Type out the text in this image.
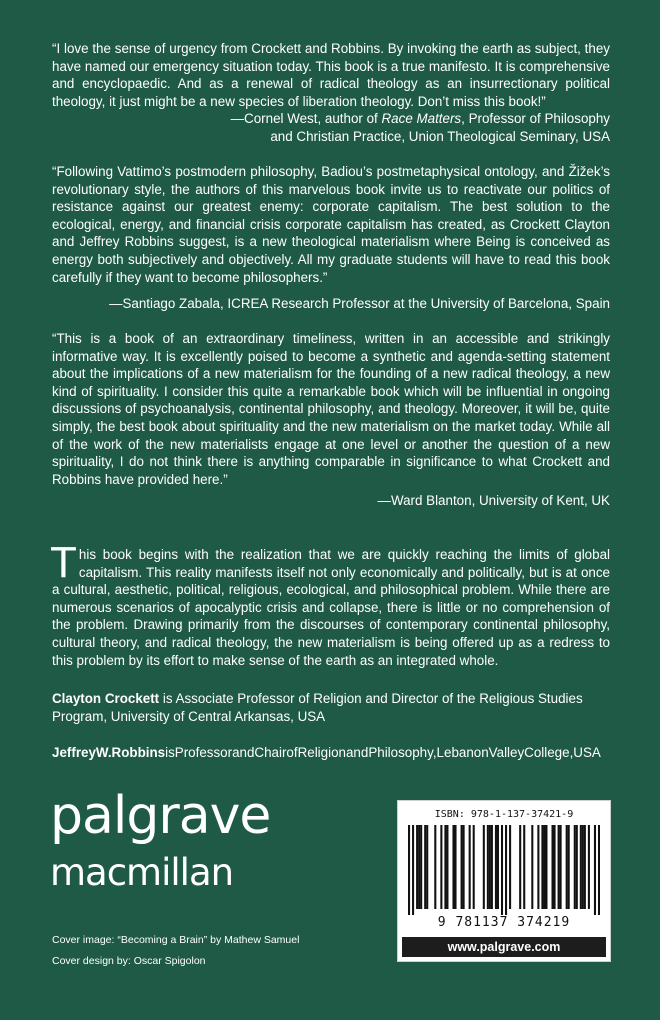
“I love the sense of urgency from Crockett and Robbins. By invoking the earth as subject, they have named our emergency situation today. This book is a true manifesto. It is comprehensive and encyclopaedic. And as a renewal of radical theology as an insurrectionary political theology, it just might be a new species of liberation theology. Don’t miss this book!”
—Cornel West, author of Race Matters, Professor of Philosophy
and Christian Practice, Union Theological Seminary, USA
“Following Vattimo’s postmodern philosophy, Badiou’s postmetaphysical ontology, and Žižek’s revolutionary style, the authors of this marvelous book invite us to reactivate our politics of resistance against our greatest enemy: corporate capitalism. The best solution to the ecological, energy, and financial crisis corporate capitalism has created, as Crockett Clayton and Jeffrey Robbins suggest, is a new theological materialism where Being is conceived as energy both subjectively and objectively. All my graduate students will have to read this book carefully if they want to become philosophers.”
—Santiago Zabala, ICREA Research Professor at the University of Barcelona, Spain
“This is a book of an extraordinary timeliness, written in an accessible and strikingly informative way. It is excellently poised to become a synthetic and agenda-setting statement about the implications of a new materialism for the founding of a new radical theology, a new kind of spirituality. I consider this quite a remarkable book which will be influential in ongoing discussions of psychoanalysis, continental philosophy, and theology. Moreover, it will be, quite simply, the best book about spirituality and the new materialism on the market today. While all of the work of the new materialists engage at one level or another the question of a new spirituality, I do not think there is anything comparable in significance to what Crockett and Robbins have provided here.”
—Ward Blanton, University of Kent, UK
This book begins with the realization that we are quickly reaching the limits of global capitalism. This reality manifests itself not only economically and politically, but is at once a cultural, aesthetic, political, religious, ecological, and philosophical problem. While there are numerous scenarios of apocalyptic crisis and collapse, there is little or no comprehension of the problem. Drawing primarily from the discourses of contemporary continental philosophy, cultural theory, and radical theology, the new materialism is being offered up as a redress to this problem by its effort to make sense of the earth as an integrated whole.
Clayton Crockett is Associate Professor of Religion and Director of the Religious Studies Program, University of Central Arkansas, USA
JeffreyW.RobbinsisProfessorandChairofReligionandPhilosophy,LebanonValleyCollege,USA
palgrave
macmillan
Cover image: “Becoming a Brain” by Mathew Samuel
Cover design by: Oscar Spigolon
ISBN: 978-1-137-37421-9
9 781137 374219
www.palgrave.com
